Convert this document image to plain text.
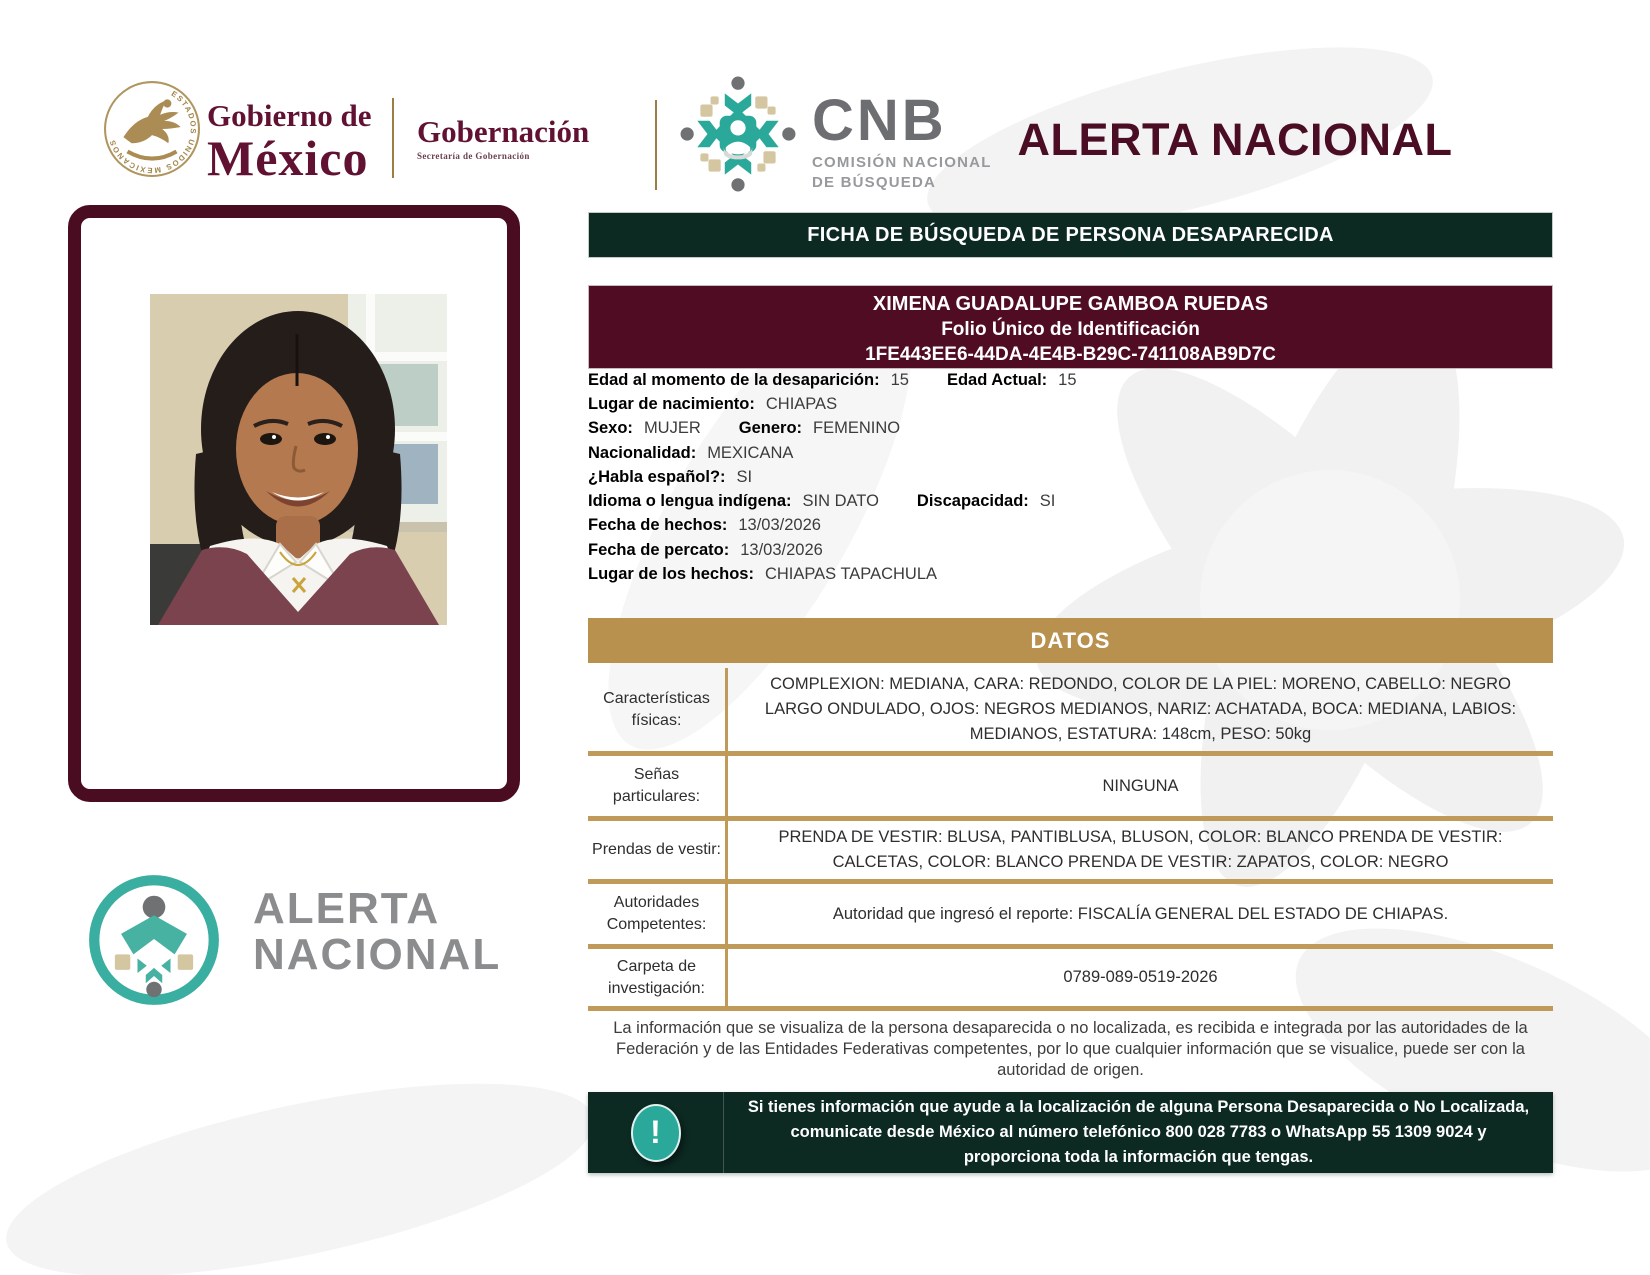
ESTADOS UNIDOS MEXICANOS
Gobierno de
México Gobernación
Secretaría de Gobernación
CNB
COMISIÓN NACIONAL
DE BÚSQUEDA
ALERTA NACIONAL
ALERTA
NACIONAL
FICHA DE BÚSQUEDA DE PERSONA DESAPARECIDA
XIMENA GUADALUPE GAMBOA RUEDAS
Folio Único de Identificación
1FE443EE6-44DA-4E4B-B29C-741108AB9D7C
Edad al momento de la desaparición: 15 Edad Actual: 15
Lugar de nacimiento: CHIAPAS
Sexo: MUJER Genero: FEMENINO
Nacionalidad: MEXICANA
¿Habla español?: SI
Idioma o lengua indígena: SIN DATO Discapacidad: SI
Fecha de hechos: 13/03/2026
Fecha de percato: 13/03/2026
Lugar de los hechos: CHIAPAS TAPACHULA
DATOS
Características físicas:
COMPLEXION: MEDIANA, CARA: REDONDO, COLOR DE LA PIEL: MORENO, CABELLO: NEGRO LARGO ONDULADO, OJOS: NEGROS MEDIANOS, NARIZ: ACHATADA, BOCA: MEDIANA, LABIOS: MEDIANOS, ESTATURA: 148cm, PESO: 50kg
Señas particulares:
NINGUNA
Prendas de vestir:
PRENDA DE VESTIR: BLUSA, PANTIBLUSA, BLUSON, COLOR: BLANCO PRENDA DE VESTIR: CALCETAS, COLOR: BLANCO PRENDA DE VESTIR: ZAPATOS, COLOR: NEGRO
Autoridades Competentes:
Autoridad que ingresó el reporte: FISCALÍA GENERAL DEL ESTADO DE CHIAPAS.
Carpeta de investigación:
0789-089-0519-2026
La información que se visualiza de la persona desaparecida o no localizada, es recibida e integrada por las autoridades de la Federación y de las Entidades Federativas competentes, por lo que cualquier información que se visualice, puede ser con la autoridad de origen.
!
Si tienes información que ayude a la localización de alguna Persona Desaparecida o No Localizada, comunicate desde México al número telefónico 800 028 7783 o WhatsApp 55 1309 9024 y proporciona toda la información que tengas.
